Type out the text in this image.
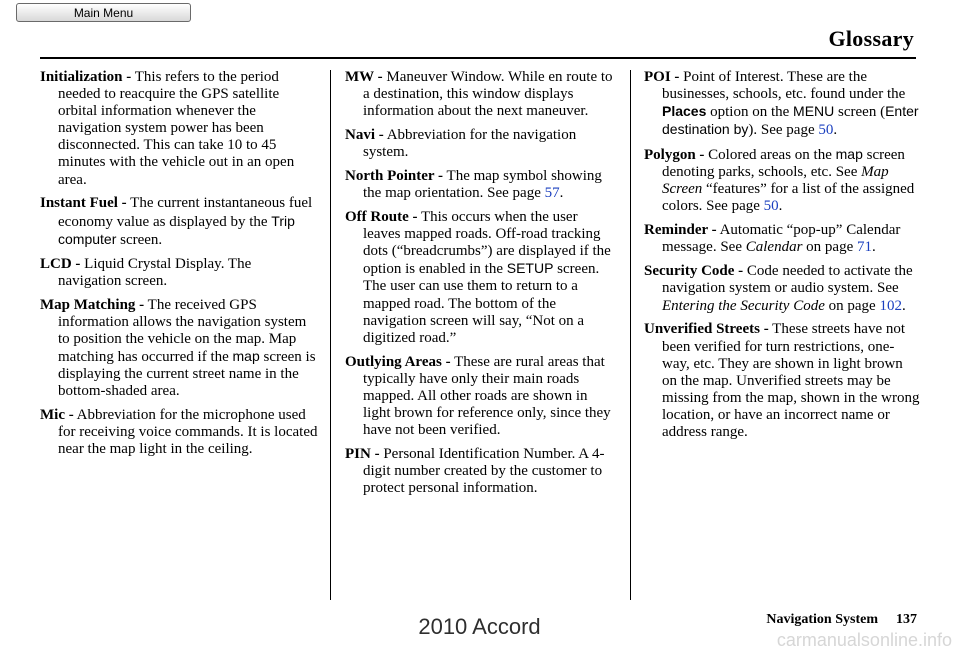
Main Menu
Glossary

Initialization - This refers to the period needed to reacquire the GPS satellite orbital information whenever the navigation system power has been disconnected. This can take 10 to 45 minutes with the vehicle out in an open area.

Instant Fuel - The current instantaneous fuel economy value as displayed by the Trip computer screen.

LCD - Liquid Crystal Display. The navigation screen.

Map Matching - The received GPS information allows the navigation system to position the vehicle on the map. Map matching has occurred if the map screen is displaying the current street name in the bottom-shaded area.

Mic - Abbreviation for the microphone used for receiving voice commands. It is located near the map light in the ceiling.

MW - Maneuver Window. While en route to a destination, this window displays information about the next maneuver.

Navi - Abbreviation for the navigation system.

North Pointer - The map symbol showing the map orientation. See page 57.

Off Route - This occurs when the user leaves mapped roads. Off-road tracking dots (“breadcrumbs”) are displayed if the option is enabled in the SETUP screen. The user can use them to return to a mapped road. The bottom of the navigation screen will say, “Not on a digitized road.”

Outlying Areas - These are rural areas that typically have only their main roads mapped. All other roads are shown in light brown for reference only, since they have not been verified.

PIN - Personal Identification Number. A 4-digit number created by the customer to protect personal information.

POI - Point of Interest. These are the businesses, schools, etc. found under the Places option on the MENU screen (Enter destination by). See page 50.

Polygon - Colored areas on the map screen denoting parks, schools, etc. See Map Screen “features” for a list of the assigned colors. See page 50.

Reminder - Automatic “pop-up” Calendar message. See Calendar on page 71.

Security Code - Code needed to activate the navigation system or audio system. See Entering the Security Code on page 102.

Unverified Streets - These streets have not been verified for turn restrictions, one-way, etc. They are shown in light brown on the map. Unverified streets may be missing from the map, shown in the wrong location, or have an incorrect name or address range.

Navigation System 137
2010 Accord
carmanualsonline.info
